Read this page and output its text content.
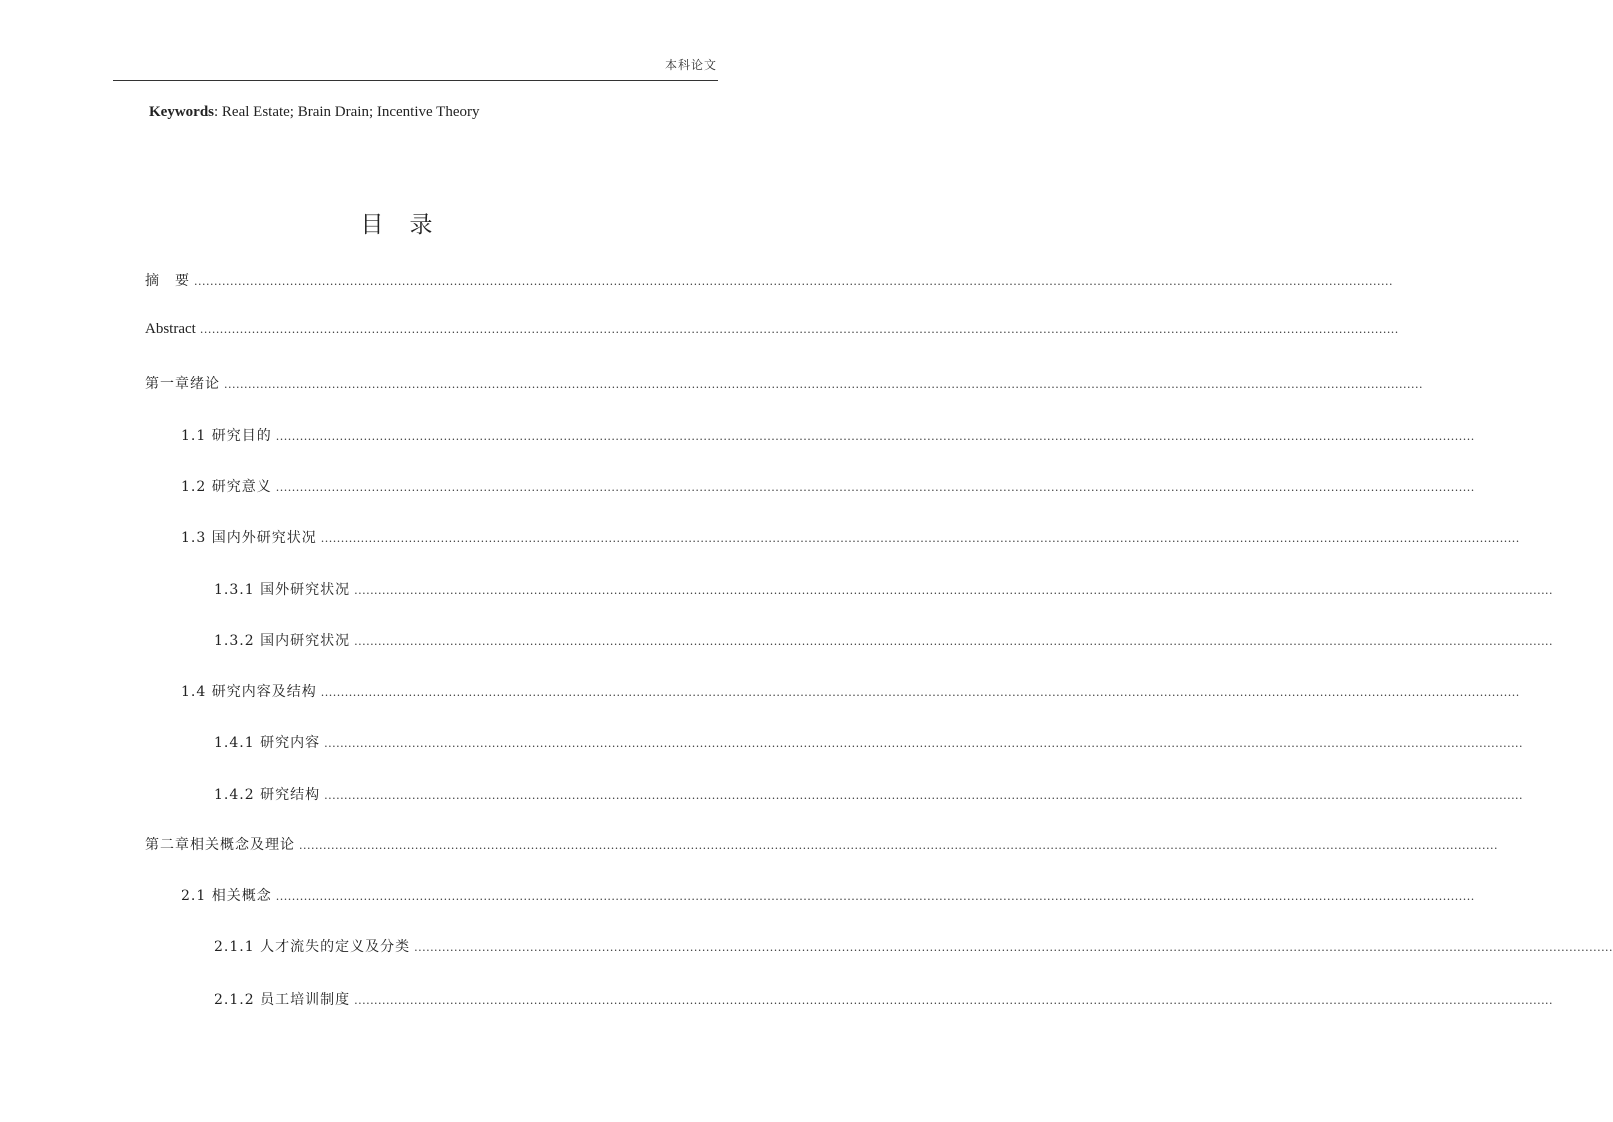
本科论文
Keywords: Real Estate; Brain Drain; Incentive Theory
目录
摘　要 ............................................................................................................................................................................................................................................................................................................
Abstract ............................................................................................................................................................................................................................................................................................................
第一章绪论 ............................................................................................................................................................................................................................................................................................................
1.1 研究目的 ............................................................................................................................................................................................................................................................................................................
1.2 研究意义 ............................................................................................................................................................................................................................................................................................................
1.3 国内外研究状况 ............................................................................................................................................................................................................................................................................................................
1.3.1 国外研究状况 ............................................................................................................................................................................................................................................................................................................
1.3.2 国内研究状况 ............................................................................................................................................................................................................................................................................................................
1.4 研究内容及结构 ............................................................................................................................................................................................................................................................................................................
1.4.1 研究内容 ............................................................................................................................................................................................................................................................................................................
1.4.2 研究结构 ............................................................................................................................................................................................................................................................................................................
第二章相关概念及理论 ............................................................................................................................................................................................................................................................................................................
2.1 相关概念 ............................................................................................................................................................................................................................................................................................................
2.1.1 人才流失的定义及分类 ............................................................................................................................................................................................................................................................................................................
2.1.2 员工培训制度 ............................................................................................................................................................................................................................................................................................................
